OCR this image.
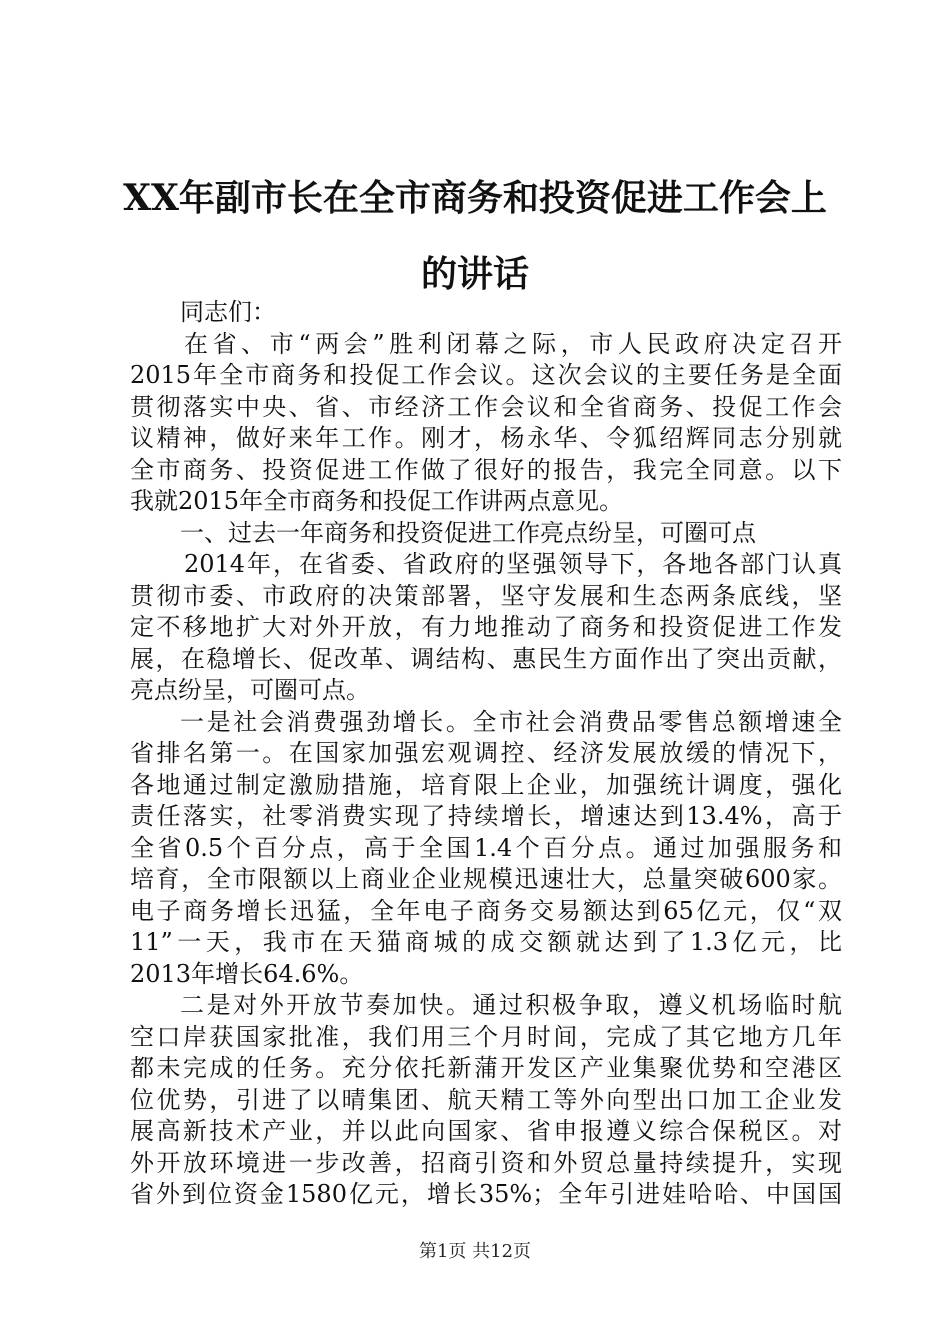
XX年副市长在全市商务和投资促进工作会上
的讲话
同志们：
在省、市“两会”胜利闭幕之际，市人民政府决定召开
2015年全市商务和投促工作会议。这次会议的主要任务是全面
贯彻落实中央、省、市经济工作会议和全省商务、投促工作会
议精神，做好来年工作。刚才，杨永华、令狐绍辉同志分别就
全市商务、投资促进工作做了很好的报告，我完全同意。以下
我就2015年全市商务和投促工作讲两点意见。
一、过去一年商务和投资促进工作亮点纷呈，可圈可点
2014年，在省委、省政府的坚强领导下，各地各部门认真
贯彻市委、市政府的决策部署，坚守发展和生态两条底线，坚
定不移地扩大对外开放，有力地推动了商务和投资促进工作发
展，在稳增长、促改革、调结构、惠民生方面作出了突出贡献，
亮点纷呈，可圈可点。
一是社会消费强劲增长。全市社会消费品零售总额增速全
省排名第一。在国家加强宏观调控、经济发展放缓的情况下，
各地通过制定激励措施，培育限上企业，加强统计调度，强化
责任落实，社零消费实现了持续增长，增速达到13.4%，高于
全省0.5个百分点，高于全国1.4个百分点。通过加强服务和
培育，全市限额以上商业企业规模迅速壮大，总量突破600家。
电子商务增长迅猛，全年电子商务交易额达到65亿元，仅“双
11”一天，我市在天猫商城的成交额就达到了1.3亿元，比
2013年增长64.6%。
二是对外开放节奏加快。通过积极争取，遵义机场临时航
空口岸获国家批准，我们用三个月时间，完成了其它地方几年
都未完成的任务。充分依托新蒲开发区产业集聚优势和空港区
位优势，引进了以晴集团、航天精工等外向型出口加工企业发
展高新技术产业，并以此向国家、省申报遵义综合保税区。对
外开放环境进一步改善，招商引资和外贸总量持续提升，实现
省外到位资金1580亿元，增长35%；全年引进娃哈哈、中国国
第1页 共12页
